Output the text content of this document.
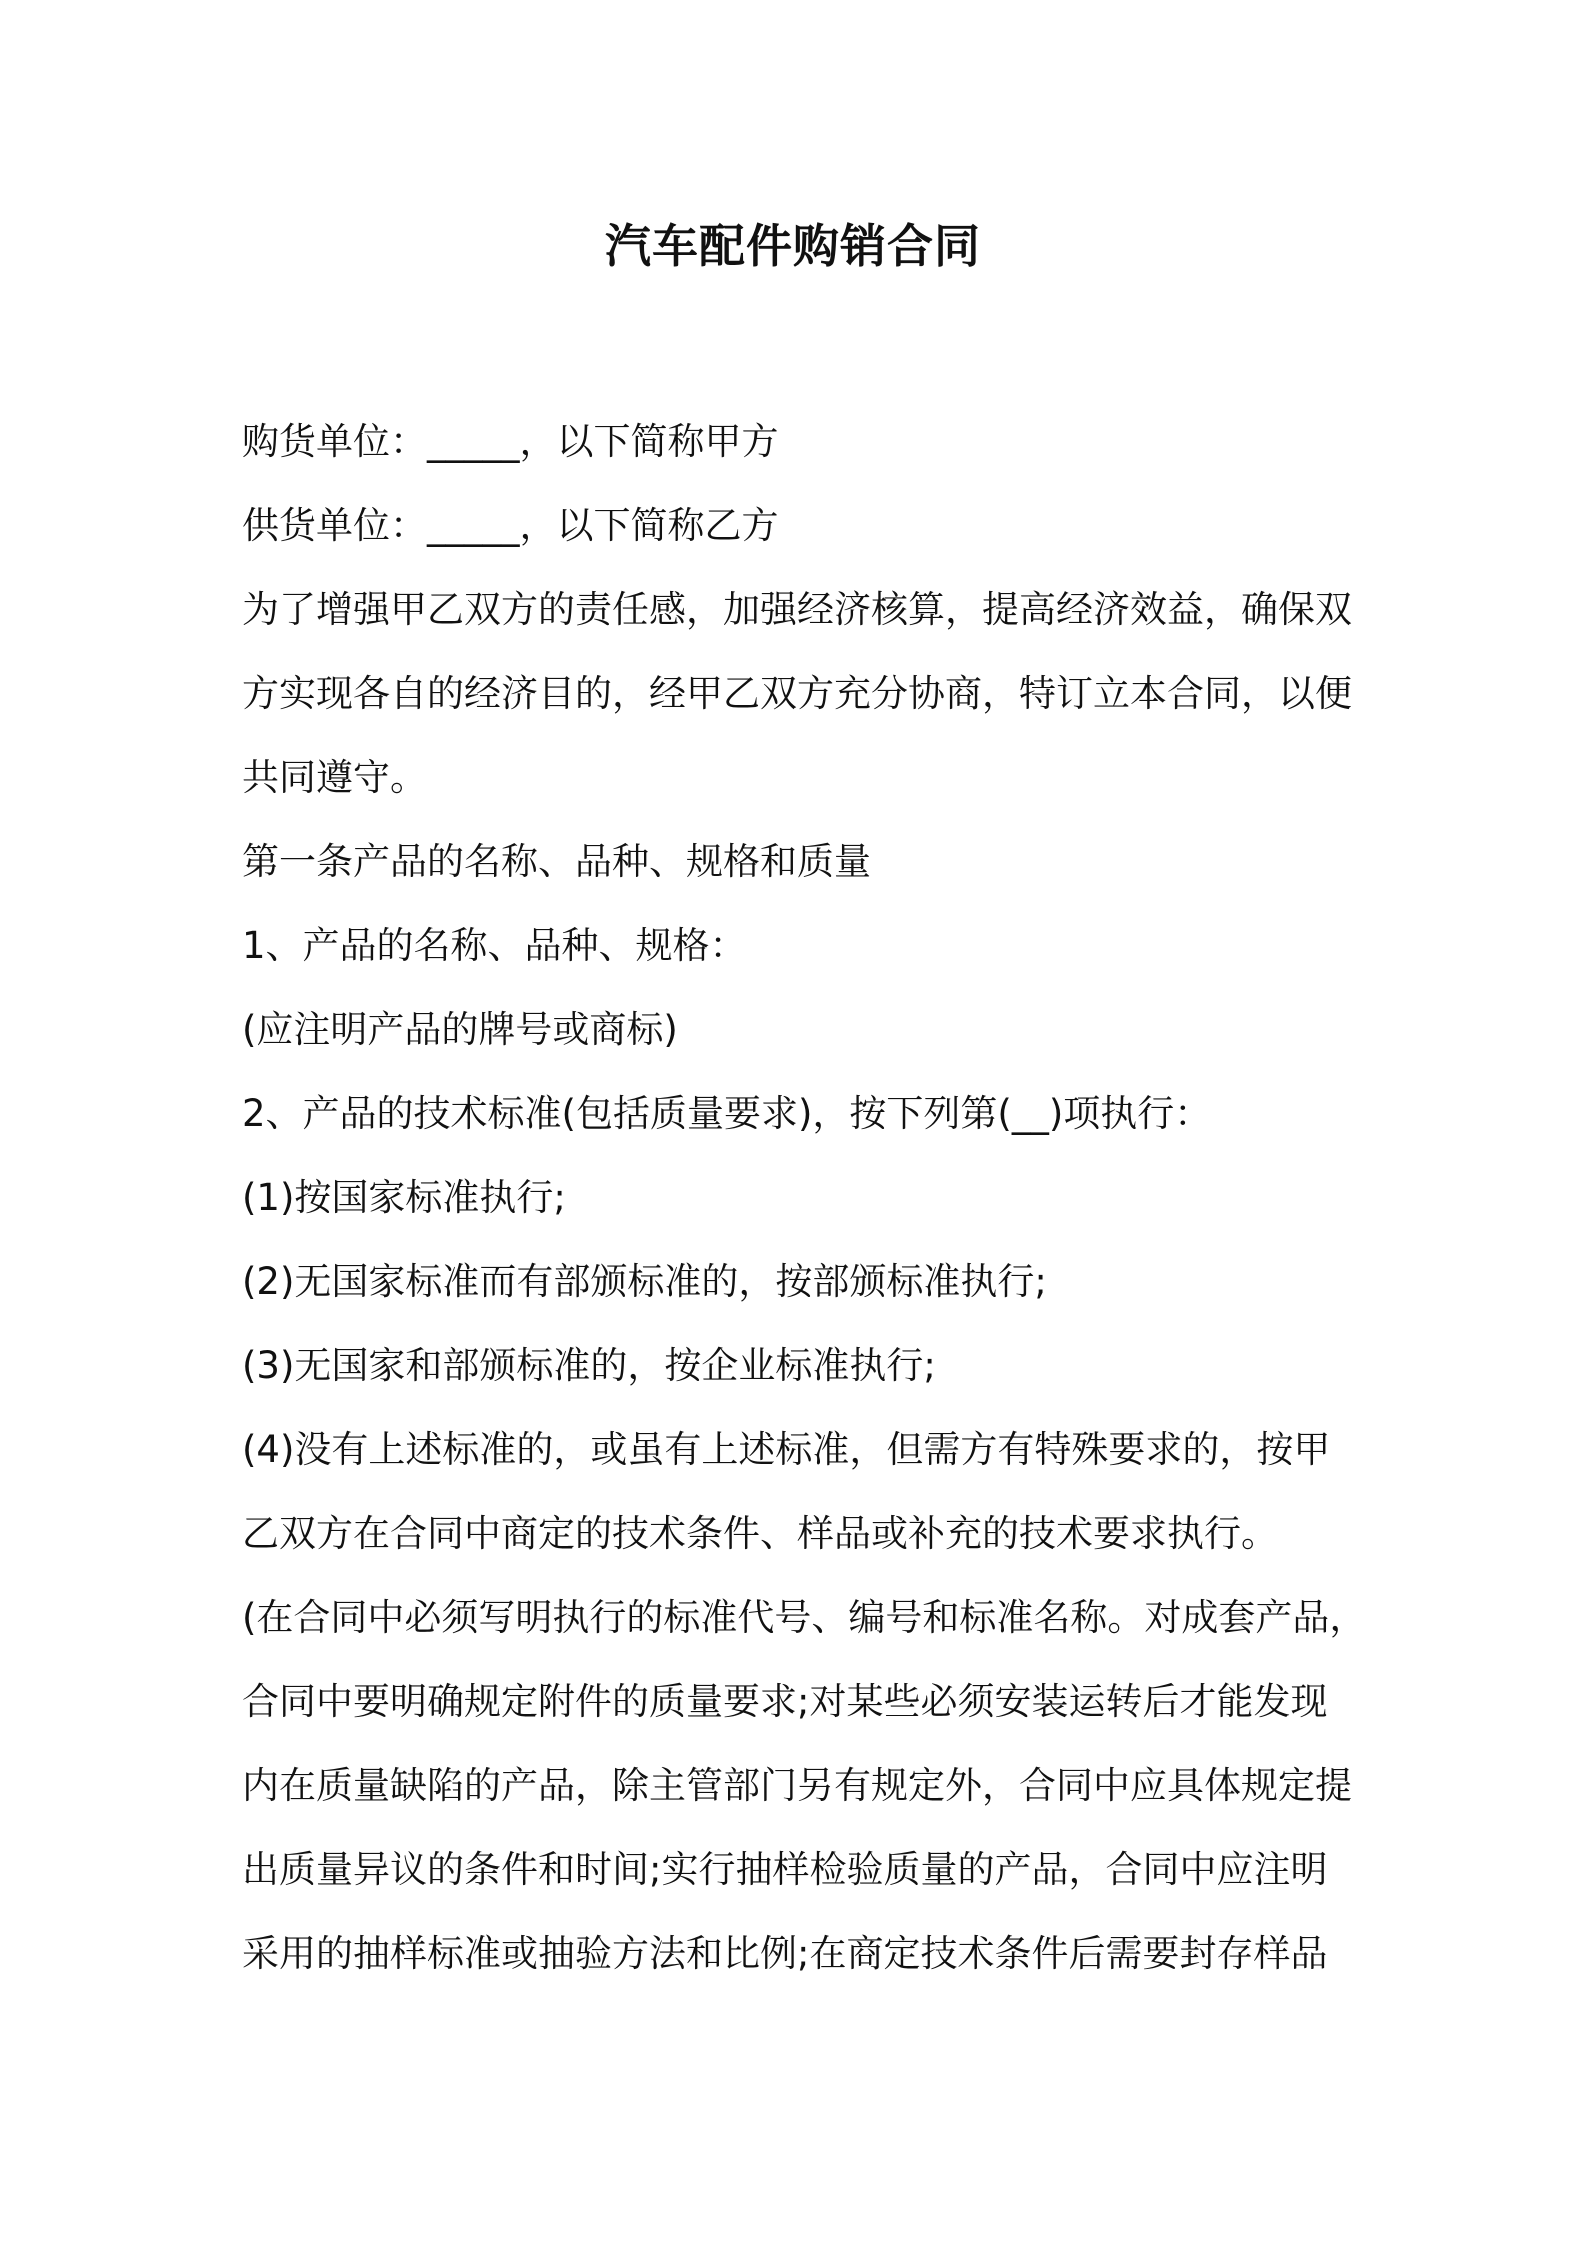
汽车配件购销合同

购货单位：_____，以下简称甲方

供货单位：_____，以下简称乙方

为了增强甲乙双方的责任感，加强经济核算，提高经济效益，确保双

方实现各自的经济目的，经甲乙双方充分协商，特订立本合同，以便

共同遵守。

第一条产品的名称、品种、规格和质量

1、产品的名称、品种、规格：

(应注明产品的牌号或商标)

2、产品的技术标准(包括质量要求)，按下列第(__)项执行：

(1)按国家标准执行;

(2)无国家标准而有部颁标准的，按部颁标准执行;

(3)无国家和部颁标准的，按企业标准执行;

(4)没有上述标准的，或虽有上述标准，但需方有特殊要求的，按甲

乙双方在合同中商定的技术条件、样品或补充的技术要求执行。

(在合同中必须写明执行的标准代号、编号和标准名称。对成套产品，

合同中要明确规定附件的质量要求;对某些必须安装运转后才能发现

内在质量缺陷的产品，除主管部门另有规定外，合同中应具体规定提

出质量异议的条件和时间;实行抽样检验质量的产品，合同中应注明

采用的抽样标准或抽验方法和比例;在商定技术条件后需要封存样品
